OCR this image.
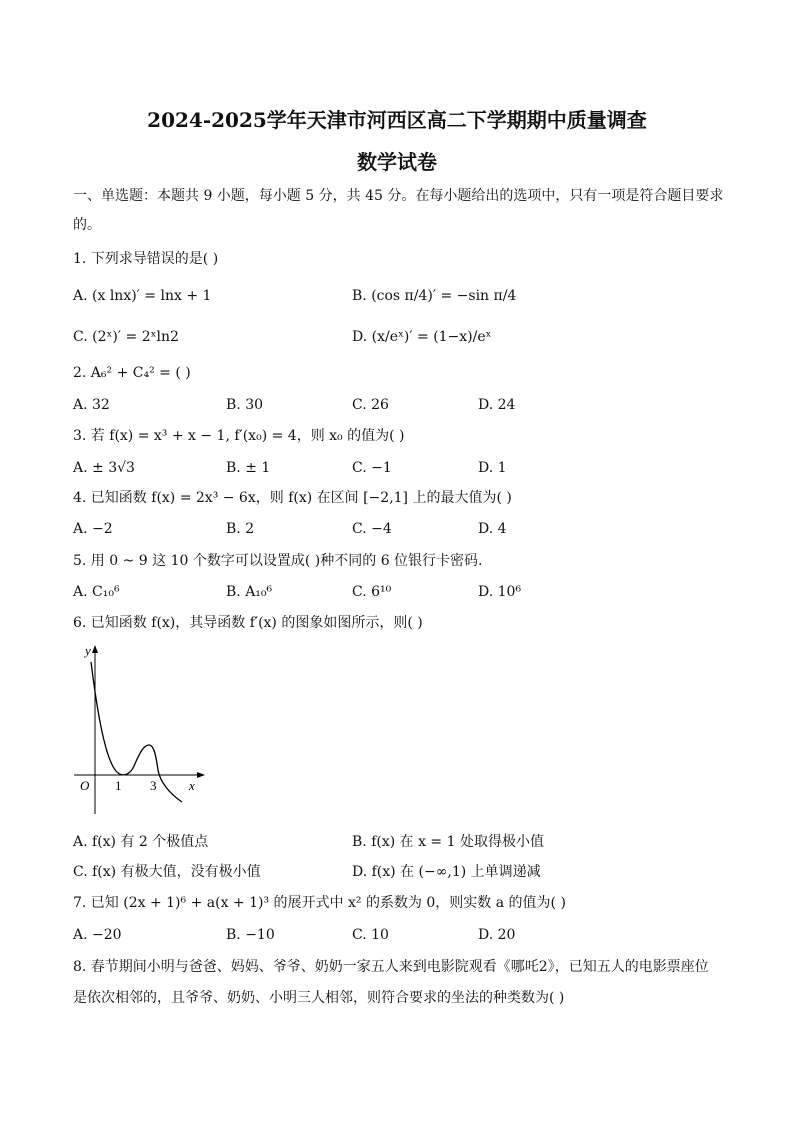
2024-2025学年天津市河西区高二下学期期中质量调查
数学试卷
一、单选题：本题共 9 小题，每小题 5 分，共 45 分。在每小题给出的选项中，只有一项是符合题目要求
的。
1. 下列求导错误的是( )
A. (x lnx)′ = lnx + 1	B. (cos π/4)′ = −sin π/4
C. (2ˣ)′ = 2ˣln2	D. (x/eˣ)′ = (1−x)/eˣ
2. A₆² + C₄² = ( )
A. 32	B. 30	C. 26	D. 24
3. 若 f(x) = x³ + x − 1, f′(x₀) = 4，则 x₀ 的值为( )
A. ± 3√3	B. ± 1	C. −1	D. 1
4. 已知函数 f(x) = 2x³ − 6x，则 f(x) 在区间 [−2,1] 上的最大值为( )
A. −2	B. 2	C. −4	D. 4
5. 用 0 ~ 9 这 10 个数字可以设置成( )种不同的 6 位银行卡密码.
A. C₁₀⁶	B. A₁₀⁶	C. 6¹⁰	D. 10⁶
6. 已知函数 f(x)，其导函数 f′(x) 的图象如图所示，则( )
y
x
O 1 3
A. f(x) 有 2 个极值点	B. f(x) 在 x = 1 处取得极小值
C. f(x) 有极大值，没有极小值	D. f(x) 在 (−∞,1) 上单调递减
7. 已知 (2x + 1)⁶ + a(x + 1)³ 的展开式中 x² 的系数为 0，则实数 a 的值为( )
A. −20	B. −10	C. 10	D. 20
8. 春节期间小明与爸爸、妈妈、爷爷、奶奶一家五人来到电影院观看《哪吒2》，已知五人的电影票座位
是依次相邻的，且爷爷、奶奶、小明三人相邻，则符合要求的坐法的种类数为( )
